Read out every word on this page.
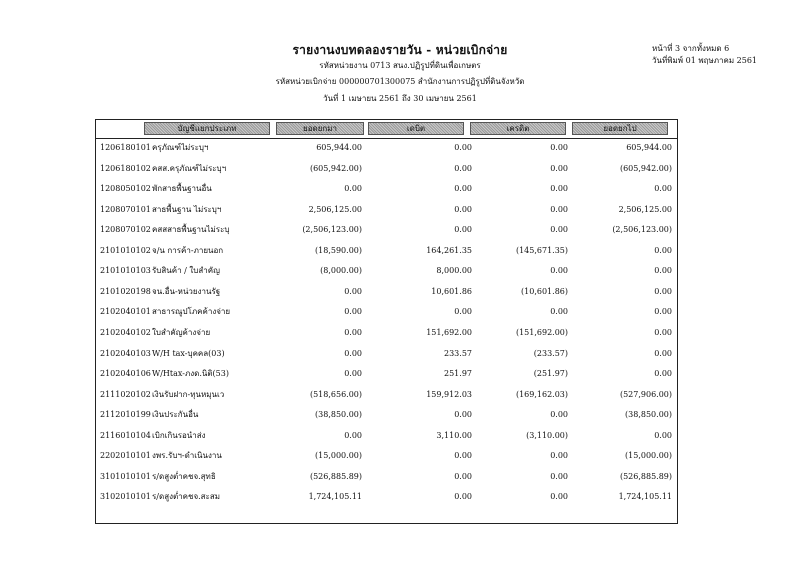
รายงานงบทดลองรายวัน - หน่วยเบิกจ่าย
รหัสหน่วยงาน 0713 สนง.ปฏิรูปที่ดินเพื่อเกษตร
รหัสหน่วยเบิกจ่าย 000000701300075 สำนักงานการปฏิรูปที่ดินจังหวัด
วันที่ 1 เมษายน 2561 ถึง 30 เมษายน 2561
หน้าที่ 3 จากทั้งหมด 6
วันที่พิมพ์ 01 พฤษภาคม 2561
บัญชีแยกประเภท	ยอดยกมา	เดบิต	เครดิต	ยอดยกไป
1206180101 ครุภัณฑ์ไม่ระบุฯ	605,944.00	0.00	0.00	605,944.00
1206180102 คสส.ครุภัณฑ์ไม่ระบุฯ	(605,942.00)	0.00	0.00	(605,942.00)
1208050102 พักสาธพื้นฐานอื่น	0.00	0.00	0.00	0.00
1208070101 สาธพื้นฐาน ไม่ระบุฯ	2,506,125.00	0.00	0.00	2,506,125.00
1208070102 คสสสาธพื้นฐานไม่ระบุ	(2,506,123.00)	0.00	0.00	(2,506,123.00)
2101010102 จ/น การค้า-ภายนอก	(18,590.00)	164,261.35	(145,671.35)	0.00
2101010103 รับสินค้า / ใบสำคัญ	(8,000.00)	8,000.00	0.00	0.00
2101020198 จน.อื่น-หน่วยงานรัฐ	0.00	10,601.86	(10,601.86)	0.00
2102040101 สาธารณูปโภคค้างจ่าย	0.00	0.00	0.00	0.00
2102040102 ใบสำคัญค้างจ่าย	0.00	151,692.00	(151,692.00)	0.00
2102040103 W/H tax-บุคคล(03)	0.00	233.57	(233.57)	0.00
2102040106 W/Htax-ภงด.นิติ(53)	0.00	251.97	(251.97)	0.00
2111020102 เงินรับฝาก-ทุนหมุนเว	(518,656.00)	159,912.03	(169,162.03)	(527,906.00)
2112010199 เงินประกันอื่น	(38,850.00)	0.00	0.00	(38,850.00)
2116010104 เบิกเกินรอนำส่ง	0.00	3,110.00	(3,110.00)	0.00
2202010101 งพร.รับฯ-ดำเนินงาน	(15,000.00)	0.00	0.00	(15,000.00)
3101010101 ร/ดสูงต่ำคชจ.สุทธิ	(526,885.89)	0.00	0.00	(526,885.89)
3102010101 ร/ดสูงต่ำคชจ.สะสม	1,724,105.11	0.00	0.00	1,724,105.11
